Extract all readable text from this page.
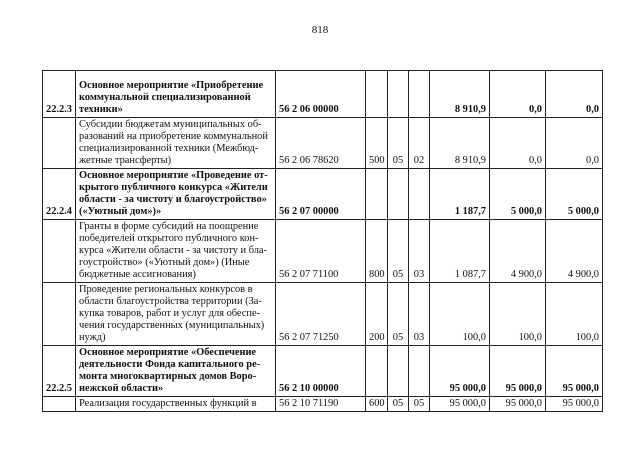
818
22.2.3	Основное мероприятие «Приобретение коммунальной специализированной техники»	56 2 06 00000				8 910,9	0,0	0,0
	Субсидии бюджетам муниципальных об-разований на приобретение коммунальной специализированной техники (Межбюд-жетные трансферты)	56 2 06 78620	500	05	02	8 910,9	0,0	0,0
22.2.4	Основное мероприятие «Проведение от-крытого публичного конкурса «Жители области - за чистоту и благоустройство» («Уютный дом»)»	56 2 07 00000				1 187,7	5 000,0	5 000,0
	Гранты в форме субсидий на поощрение победителей открытого публичного кон-курса «Жители области - за чистоту и бла-гоустройство» («Уютный дом») (Иные бюджетные ассигнования)	56 2 07 71100	800	05	03	1 087,7	4 900,0	4 900,0
	Проведение региональных конкурсов в области благоустройства территории (За-купка товаров, работ и услуг для обеспе-чения государственных (муниципальных) нужд)	56 2 07 71250	200	05	03	100,0	100,0	100,0
22.2.5	Основное мероприятие «Обеспечение деятельности Фонда капитального ре-монта многоквартирных домов Воро-нежской области»	56 2 10 00000				95 000,0	95 000,0	95 000,0
	Реализация государственных функций в	56 2 10 71190	600	05	05	95 000,0	95 000,0	95 000,0
